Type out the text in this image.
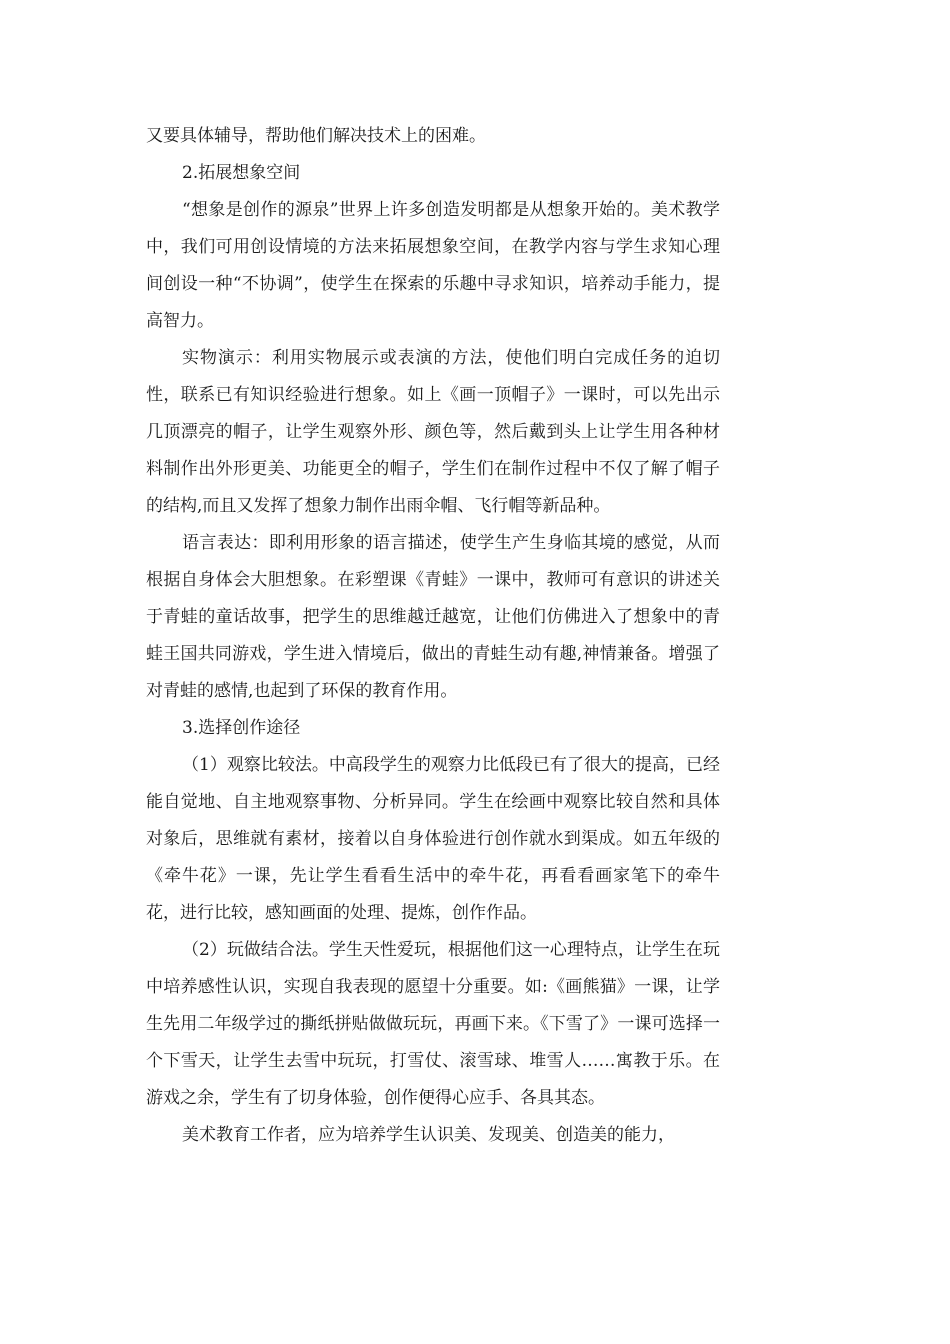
又要具体辅导，帮助他们解决技术上的困难。

2.拓展想象空间

“想象是创作的源泉”世界上许多创造发明都是从想象开始的。美术教学中，我们可用创设情境的方法来拓展想象空间，在教学内容与学生求知心理间创设一种“不协调”，使学生在探索的乐趣中寻求知识，培养动手能力，提高智力。

实物演示：利用实物展示或表演的方法，使他们明白完成任务的迫切性，联系已有知识经验进行想象。如上《画一顶帽子》一课时，可以先出示几顶漂亮的帽子，让学生观察外形、颜色等，然后戴到头上让学生用各种材料制作出外形更美、功能更全的帽子，学生们在制作过程中不仅了解了帽子的结构,而且又发挥了想象力制作出雨伞帽、飞行帽等新品种。

语言表达：即利用形象的语言描述，使学生产生身临其境的感觉，从而根据自身体会大胆想象。在彩塑课《青蛙》一课中，教师可有意识的讲述关于青蛙的童话故事，把学生的思维越迁越宽，让他们仿佛进入了想象中的青蛙王国共同游戏，学生进入情境后，做出的青蛙生动有趣,神情兼备。增强了对青蛙的感情,也起到了环保的教育作用。

3.选择创作途径

（1）观察比较法。中高段学生的观察力比低段已有了很大的提高，已经能自觉地、自主地观察事物、分析异同。学生在绘画中观察比较自然和具体对象后，思维就有素材，接着以自身体验进行创作就水到渠成。如五年级的《牵牛花》一课，先让学生看看生活中的牵牛花，再看看画家笔下的牵牛花，进行比较，感知画面的处理、提炼，创作作品。

（2）玩做结合法。学生天性爱玩，根据他们这一心理特点，让学生在玩中培养感性认识，实现自我表现的愿望十分重要。如:《画熊猫》一课，让学生先用二年级学过的撕纸拼贴做做玩玩，再画下来。《下雪了》一课可选择一个下雪天，让学生去雪中玩玩，打雪仗、滚雪球、堆雪人……寓教于乐。在游戏之余，学生有了切身体验，创作便得心应手、各具其态。

美术教育工作者，应为培养学生认识美、发现美、创造美的能力，
